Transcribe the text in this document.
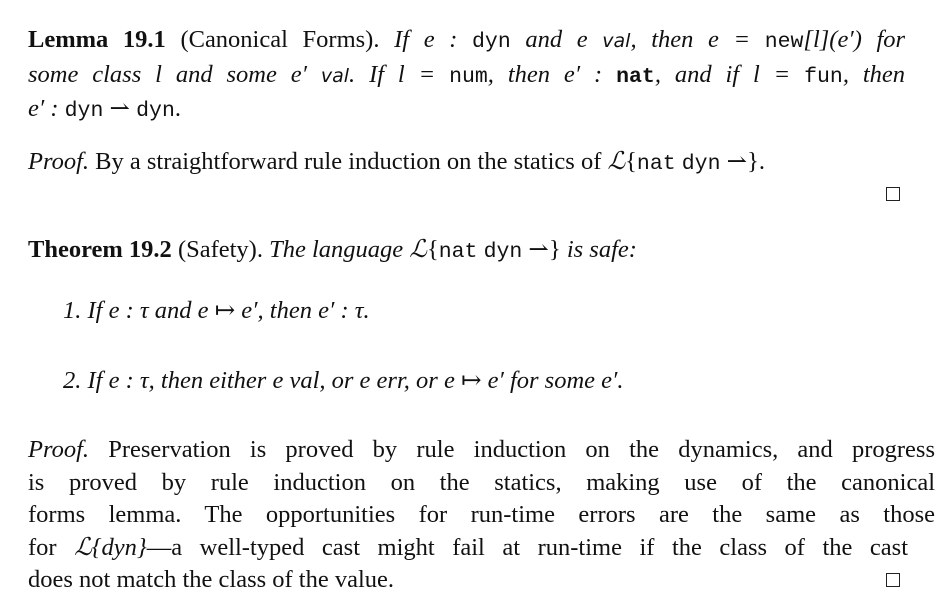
Lemma 19.1 (Canonical Forms). If e : dyn and e val, then e = new[l](e′) for
some class l and some e′ val. If l = num, then e′ : nat, and if l = fun, then
e′ : dyn ⇀ dyn.
Proof. By a straightforward rule induction on the statics of ℒ{nat dyn ⇀}.
Theorem 19.2 (Safety). The language ℒ{nat dyn ⇀} is safe:
1. If e : τ and e ↦ e′, then e′ : τ.
2. If e : τ, then either e val, or e err, or e ↦ e′ for some e′.
Proof. Preservation is proved by rule induction on the dynamics, and progress
is proved by rule induction on the statics, making use of the canonical
forms lemma. The opportunities for run-time errors are the same as those
for ℒ{dyn}—a well-typed cast might fail at run-time if the class of the cast
does not match the class of the value.
